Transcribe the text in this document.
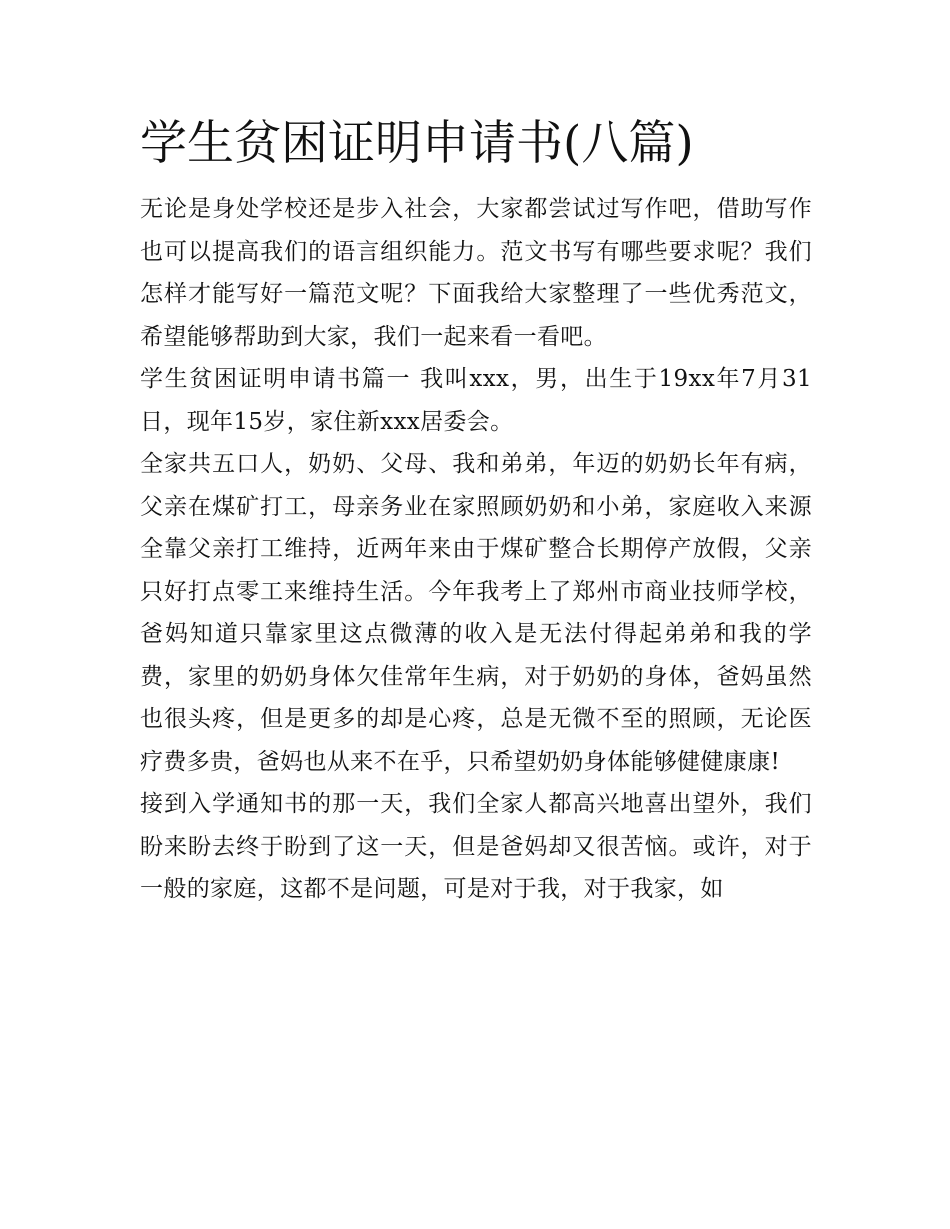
学生贫困证明申请书(八篇)

无论是身处学校还是步入社会，大家都尝试过写作吧，借助写作也可以提高我们的语言组织能力。范文书写有哪些要求呢？我们怎样才能写好一篇范文呢？下面我给大家整理了一些优秀范文，希望能够帮助到大家，我们一起来看一看吧。

学生贫困证明申请书篇一 我叫xxx，男，出生于19xx年7月31日，现年15岁，家住新xxx居委会。

全家共五口人，奶奶、父母、我和弟弟，年迈的奶奶长年有病，父亲在煤矿打工，母亲务业在家照顾奶奶和小弟，家庭收入来源全靠父亲打工维持，近两年来由于煤矿整合长期停产放假，父亲只好打点零工来维持生活。今年我考上了郑州市商业技师学校，爸妈知道只靠家里这点微薄的收入是无法付得起弟弟和我的学费，家里的奶奶身体欠佳常年生病，对于奶奶的身体，爸妈虽然也很头疼，但是更多的却是心疼，总是无微不至的照顾，无论医疗费多贵，爸妈也从来不在乎，只希望奶奶身体能够健健康康!

接到入学通知书的那一天，我们全家人都高兴地喜出望外，我们盼来盼去终于盼到了这一天，但是爸妈却又很苦恼。或许，对于一般的家庭，这都不是问题，可是对于我，对于我家，如
